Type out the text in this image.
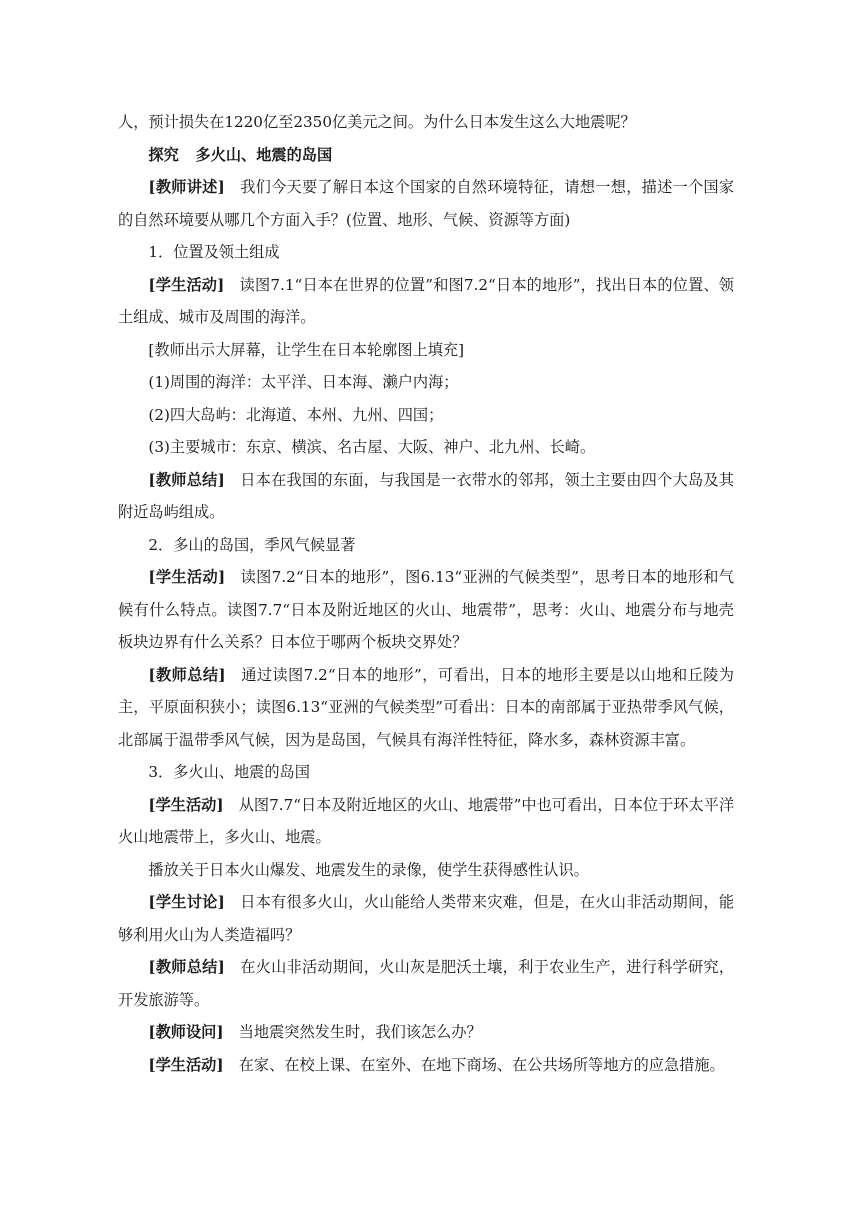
人，预计损失在1220亿至2350亿美元之间。为什么日本发生这么大地震呢？

探究 多火山、地震的岛国

[教师讲述] 我们今天要了解日本这个国家的自然环境特征，请想一想，描述一个国家的自然环境要从哪几个方面入手？(位置、地形、气候、资源等方面)

1．位置及领土组成

[学生活动] 读图7.1“日本在世界的位置”和图7.2“日本的地形”，找出日本的位置、领土组成、城市及周围的海洋。

[教师出示大屏幕，让学生在日本轮廓图上填充]

(1)周围的海洋：太平洋、日本海、濑户内海；

(2)四大岛屿：北海道、本州、九州、四国；

(3)主要城市：东京、横滨、名古屋、大阪、神户、北九州、长崎。

[教师总结] 日本在我国的东面，与我国是一衣带水的邻邦，领土主要由四个大岛及其附近岛屿组成。

2．多山的岛国，季风气候显著

[学生活动] 读图7.2“日本的地形”，图6.13“亚洲的气候类型”，思考日本的地形和气候有什么特点。读图7.7“日本及附近地区的火山、地震带”，思考：火山、地震分布与地壳板块边界有什么关系？日本位于哪两个板块交界处？

[教师总结] 通过读图7.2“日本的地形”，可看出，日本的地形主要是以山地和丘陵为主，平原面积狭小；读图6.13“亚洲的气候类型”可看出：日本的南部属于亚热带季风气候，北部属于温带季风气候，因为是岛国，气候具有海洋性特征，降水多，森林资源丰富。

3．多火山、地震的岛国

[学生活动] 从图7.7“日本及附近地区的火山、地震带”中也可看出，日本位于环太平洋火山地震带上，多火山、地震。

播放关于日本火山爆发、地震发生的录像，使学生获得感性认识。

[学生讨论] 日本有很多火山，火山能给人类带来灾难，但是，在火山非活动期间，能够利用火山为人类造福吗？

[教师总结] 在火山非活动期间，火山灰是肥沃土壤，利于农业生产，进行科学研究，开发旅游等。

[教师设问] 当地震突然发生时，我们该怎么办？

[学生活动] 在家、在校上课、在室外、在地下商场、在公共场所等地方的应急措施。
